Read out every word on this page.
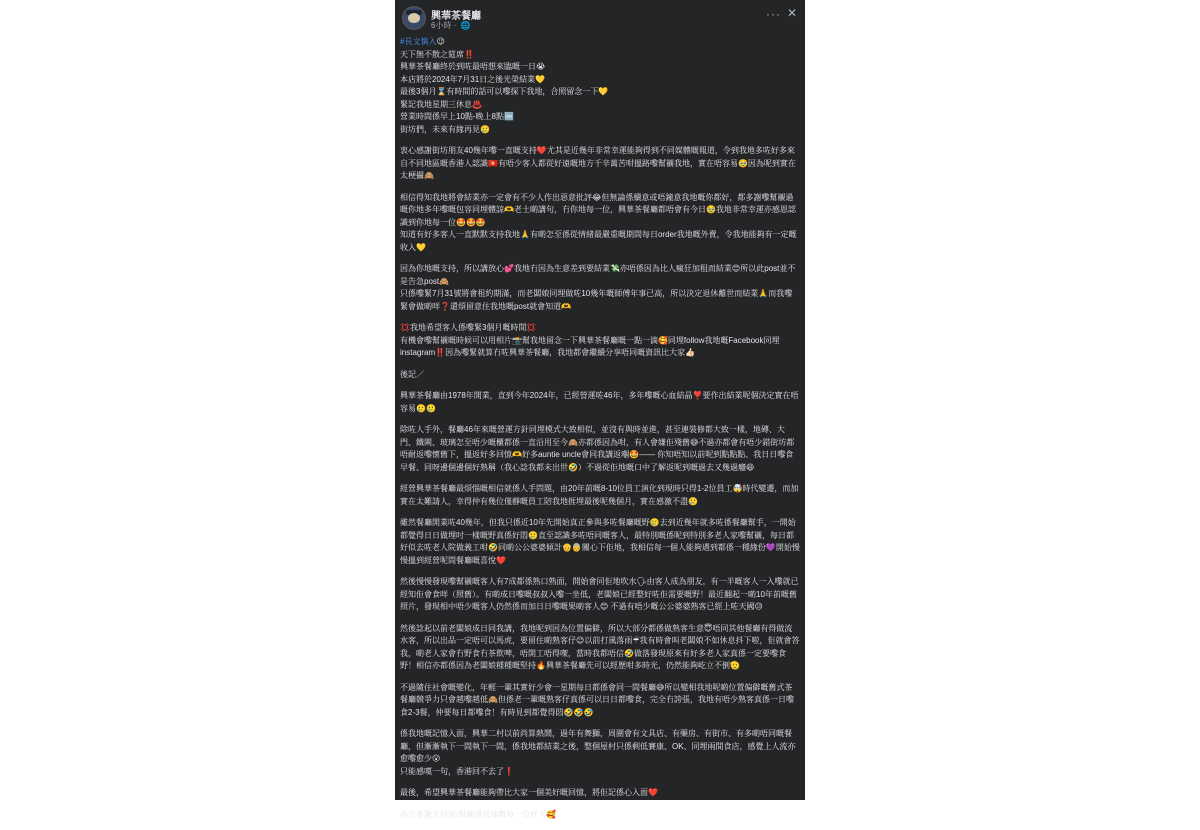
興華茶餐廳
6小時 · 🌐
··· ✕
#長文慎入😉
天下無不散之筵席‼️
興華茶餐廳終於到咗最唔想來臨嘅一日😭
本店將於2024年7月31日之後光榮結業💛
最後3個月⌛有時間的話可以嚟探下我地，合照留念一下💛
緊記我地星期三休息♨️
營業時間係早上10點-晚上8點🆒
街坊們，未來有緣再見🥲
衷心感謝街坊朋友40幾年嚟一直嘅支持❤️尤其是近幾年非常幸運能夠得到不同媒體嘅報道，令到我地多咗好多來自不同地區嘅香港人認識🇭🇰有唔少客人都從好遠嘅地方千辛萬苦咁搵路嚟幫襯我地，實在唔容易🥹因為呢到實在太梗攝🙈
相信得知我地將會結業亦一定會有不少人作出惡意批評😂但無論係續意或唔鐘意我地嘅你都好，都多謝嚟幫襯過嘅你地多年嚟嘅包容同埋體諒🫶老土啲講句，冇你地每一位，興華茶餐廳都唔會有今日🥹我地非常幸運亦感恩認識到你地每一位🤩🤩🤩
知道有好多客人一直默默支持我地🙏有啲怎至係從情緒最嚴重嘅期間每日order我地嘅外賣，令我地能夠有一定嘅收入💛
因為你地嘅支持，所以講放心💕我地冇因為生意差到要結業💸亦唔係因為比人瘋狂加租而結業😊所以此post並不是告急post🙈
只係嚟緊7月31號將會租約期滿，而老闆娘同埋做咗10幾年嘅師傅年事已高，所以決定退休離世而結業🙏而我嚟緊會做啲咩❓還煩留意住我地嘅post就會知道🫶
💢我地希望客人係嚟緊3個月嘅時間💢
有機會嚟幫襯嘅時候可以用相片📸幫我地留念一下興華茶餐廳嘅一點一滴🥰同埋follow我地嘅Facebook同埋instagram‼️因為嚟緊就算冇咗興華茶餐廳，我地都會繼續分享唔同嘅資訊比大家👍🏻
後記／
興華茶餐廳由1978年開業，直到今年2024年，已經營運咗46年，多年嚟嘅心血結晶❣️要作出結業呢個決定實在唔容易🥲🥲
除咗人手外，餐廳46年來嘅營運方針同埋模式大致相似，並沒有與時並進，甚至連裝修都大致一樣，地磚、大門、鐵閘、玻璃怎至唔少嘅櫃都係一直沿用至今🙈亦都係因為咁，有人會嫌佢殘舊😅不過亦都會有唔少錯街坊都唔耐返嚟懷舊下，搵返好多回憶🫶好多auntie uncle會同我講返嗰🤩—— 你知唔知以前呢到點點點、我日日嚟食早餐、同呀邊個邊個好熟稱（我心諗我都未出世🤣）不過從佢地嘅口中了解返呢到嘅過去又幾過癮😆
經營興華茶餐廳最煩惱嘅相信就係人手問題，由20年前嘅8-10位員工演化到現時只得1-2位員工🤯時代變遷，而加實在太難請人，幸得仲有幾位僅靜嘅員工陪我地捱埋最後呢幾個月，實在感激不盡🥲
雖然餐廳開業咗40幾年，但我只係近10年先開始真正參與多咗餐廳嘅野🥲去到近幾年就多咗係餐廳幫手，一開始都覺得日日做埋吋一樣嘅野真係好悶🥲直至認識多咗唔同嘅客人，最特別嘅係呢到特別多老人家嚟幫襯，每日都好似去咗老人院做義工咁🤣同啲公公婆婆傾計👴👵關心下佢地，我相信每一個人能夠遇到都係一種緣份💜開始慢慢搵到經營呢間餐廳嘅喜悅❤️
然後慢慢發現嚟幫襯嘅客人有7成都係熟口熟面，開始會同佢地吹水🗣由客人成為朋友，有一半嘅客人一入嚟就已經知佢會食咩（照舊）。有啲成日嚟嘅叔叔入嚟一坐低，老闆娘已經整好咗佢需要嘅野！最近翻起一啲10年前嘅舊照片，發現相中唔少嘅客人仍然係而加日日嚟嘅果啲客人😊 不過有唔少嘅公公婆婆熟客已經上咗天國😥
然後諗起以前老闆娘成日同我講，我地呢到因為位置偏僻，所以大部分都係做熟客生意😇唔同其他餐廳有得做流水客，所以出品一定唔可以馬虎，要留住啲熟客仔😉以前打風落雨☔我有時會叫老闆娘不如休息抖下啦，佢就會答我，啲老人家會冇野食冇茶飲啤，唔開工唔得㗎，當時我都唔信🤣做落發現原來有好多老人家真係一定要嚟食野！相信亦都係因為老闆娘種種嘅堅持🔥興華茶餐廳先可以經歷咁多時光，仍然能夠屹立不倒🫡
不過隨住社會嘅變化，年輕一輩其實好少會一星期每日都係會同一間餐廳😅所以變相我地呢啲位置偏僻嘅舊式茶餐廳競爭力只會越嚟越低🙈但係老一輩嘅熟客仔真係可以日日都嚟食，完全冇誇張，我地有唔少熟客真係一日嚟食2-3餐，仲要每日都嚟食！有時見到都覺得悶🤣🤣🤣
係我地嘅記憶入面，興華二村以前尚算熱鬧，過年有舞獅，周圍會有文具店、有藥房、有街市、有多啲唔同嘅餐廳，但漸漸執下一間執下一間，係我地都結業之後，整個屋村只係剩低賽康、OK、同埋兩間食店，感覺上人流亦愈嚟愈少😮
只能感嘆一句，香港回不去了❗
最後，希望興華茶餐廳能夠帶比大家一個美好嘅回憶，將佢記係心入面❤️
再次多謝支持過/幫襯過我地嘅每一位好人🥰
